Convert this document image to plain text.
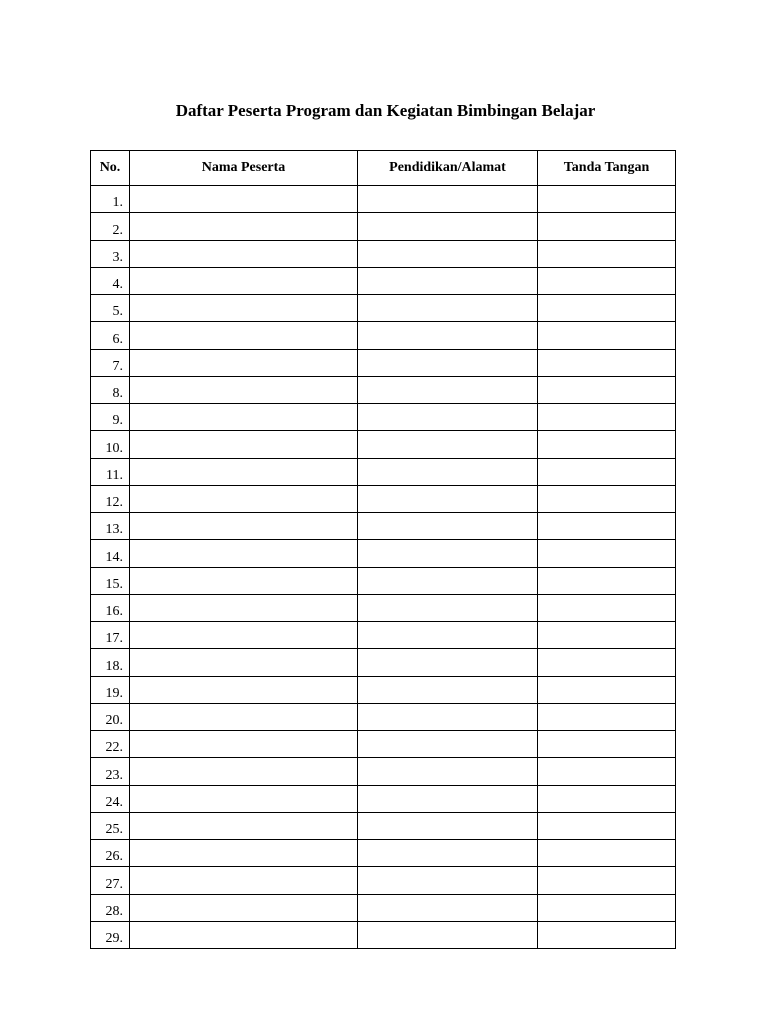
Daftar Peserta Program dan Kegiatan Bimbingan Belajar
No.	Nama Peserta	Pendidikan/Alamat	Tanda Tangan
1.			
2.			
3.			
4.			
5.			
6.			
7.			
8.			
9.			
10.			
11.			
12.			
13.			
14.			
15.			
16.			
17.			
18.			
19.			
20.			
22.			
23.			
24.			
25.			
26.			
27.			
28.			
29.			
